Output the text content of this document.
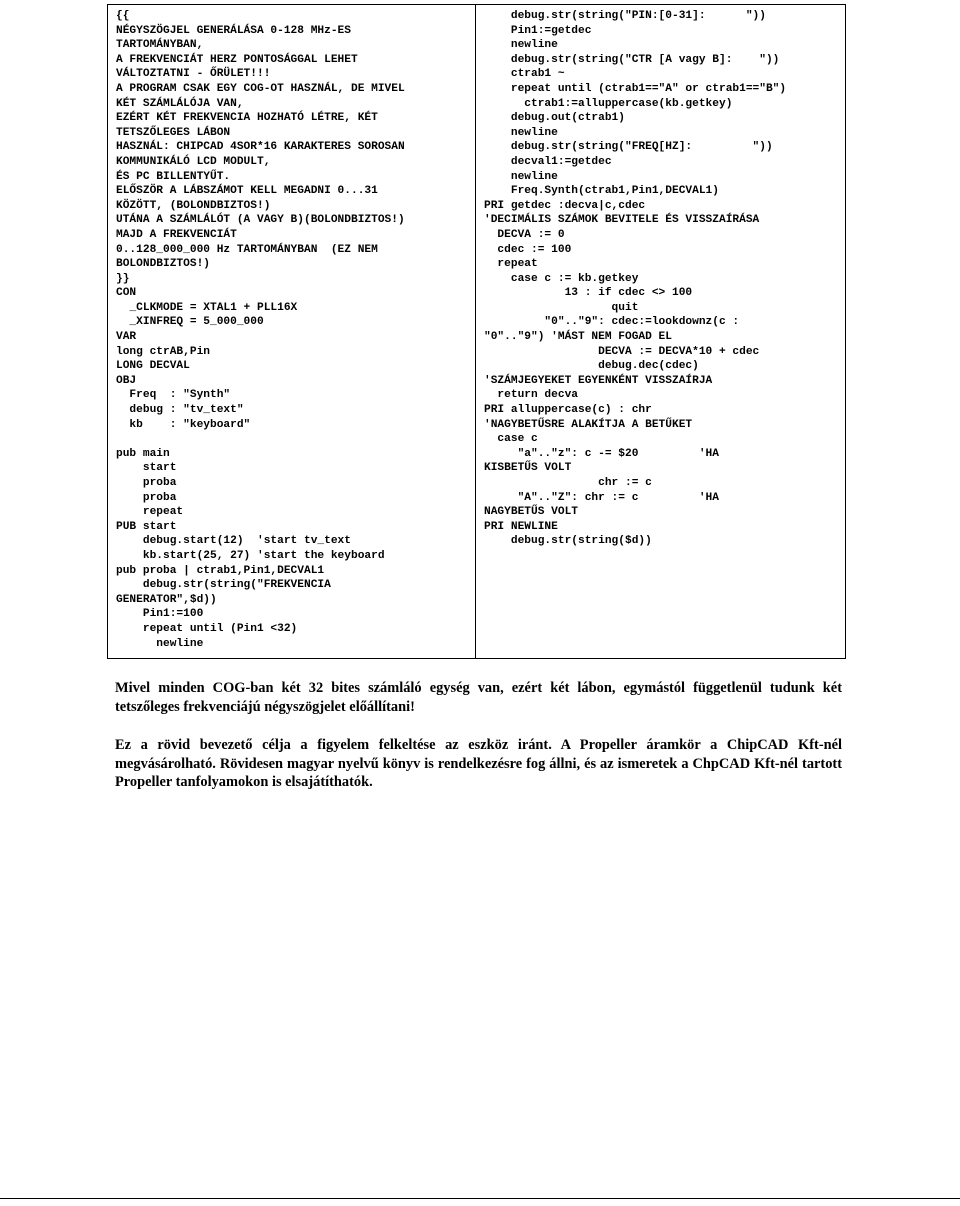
{{
NÉGYSZÖGJEL GENERÁLÁSA 0-128 MHz-ES
TARTOMÁNYBAN,
A FREKVENCIÁT HERZ PONTOSÁGGAL LEHET
VÁLTOZTATNI - ŐRÜLET!!!
A PROGRAM CSAK EGY COG-OT HASZNÁL, DE MIVEL
KÉT SZÁMLÁLÓJA VAN,
EZÉRT KÉT FREKVENCIA HOZHATÓ LÉTRE, KÉT
TETSZŐLEGES LÁBON
HASZNÁL: CHIPCAD 4SOR*16 KARAKTERES SOROSAN
KOMMUNIKÁLÓ LCD MODULT,
ÉS PC BILLENTYŰT.
ELŐSZÖR A LÁBSZÁMOT KELL MEGADNI 0...31
KÖZÖTT, (BOLONDBIZTOS!)
UTÁNA A SZÁMLÁLÓT (A VAGY B)(BOLONDBIZTOS!)
MAJD A FREKVENCIÁT
0..128_000_000 Hz TARTOMÁNYBAN  (EZ NEM
BOLONDBIZTOS!)
}}
CON
_CLKMODE = XTAL1 + PLL16X
_XINFREQ = 5_000_000
VAR
long ctrAB,Pin
LONG DECVAL
OBJ
Freq  : "Synth"
debug : "tv_text"
kb    : "keyboard"
pub main
start
proba
proba
repeat
PUB start
debug.start(12)  'start tv_text
kb.start(25, 27) 'start the keyboard
pub proba | ctrab1,Pin1,DECVAL1
debug.str(string("FREKVENCIA
GENERATOR",$d))
Pin1:=100
repeat until (Pin1 <32)
newline
debug.str(string("PIN:[0-31]:      "))
Pin1:=getdec
newline
debug.str(string("CTR [A vagy B]:    "))
ctrab1 ~
repeat until (ctrab1=="A" or ctrab1=="B")
ctrab1:=alluppercase(kb.getkey)
debug.out(ctrab1)
newline
debug.str(string("FREQ[HZ]:         "))
decval1:=getdec
newline
Freq.Synth(ctrab1,Pin1,DECVAL1)
PRI getdec :decva|c,cdec
'DECIMÁLIS SZÁMOK BEVITELE ÉS VISSZAÍRÁSA
DECVA := 0
cdec := 100
repeat
case c := kb.getkey
13 : if cdec <> 100
quit
"0".."9": cdec:=lookdownz(c :
"0".."9") 'MÁST NEM FOGAD EL
DECVA := DECVA*10 + cdec
debug.dec(cdec)
'SZÁMJEGYEKET EGYENKÉNT VISSZAÍRJA
return decva
PRI alluppercase(c) : chr
'NAGYBETŰSRE ALAKÍTJA A BETŰKET
case c
"a".."z": c -= $20         'HA
KISBETŰS VOLT
chr := c
"A".."Z": chr := c         'HA
NAGYBETŰS VOLT
PRI NEWLINE
debug.str(string($d))

Mivel minden COG-ban két 32 bites számláló egység van, ezért két lábon, egymástól függetlenül tudunk két tetszőleges frekvenciájú négyszögjelet előállítani!

Ez a rövid bevezető célja a figyelem felkeltése az eszköz iránt. A Propeller áramkör a ChipCAD Kft-nél megvásárolható. Rövidesen magyar nyelvű könyv is rendelkezésre fog állni, és az ismeretek a ChpCAD Kft-nél tartott Propeller tanfolyamokon is elsajátíthatók.
